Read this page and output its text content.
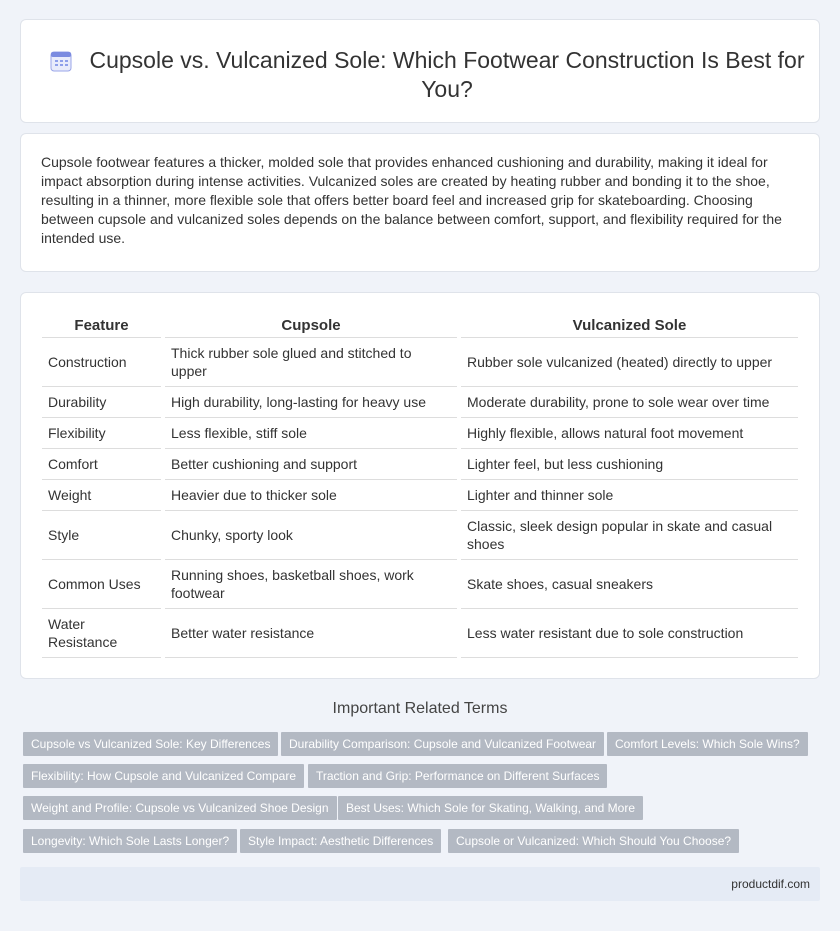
Cupsole vs. Vulcanized Sole: Which Footwear Construction Is Best for You?

Cupsole footwear features a thicker, molded sole that provides enhanced cushioning and durability, making it ideal for impact absorption during intense activities. Vulcanized soles are created by heating rubber and bonding it to the shoe, resulting in a thinner, more flexible sole that offers better board feel and increased grip for skateboarding. Choosing between cupsole and vulcanized soles depends on the balance between comfort, support, and flexibility required for the intended use.

Feature	Cupsole	Vulcanized Sole
Construction	Thick rubber sole glued and stitched to upper	Rubber sole vulcanized (heated) directly to upper
Durability	High durability, long-lasting for heavy use	Moderate durability, prone to sole wear over time
Flexibility	Less flexible, stiff sole	Highly flexible, allows natural foot movement
Comfort	Better cushioning and support	Lighter feel, but less cushioning
Weight	Heavier due to thicker sole	Lighter and thinner sole
Style	Chunky, sporty look	Classic, sleek design popular in skate and casual shoes
Common Uses	Running shoes, basketball shoes, work footwear	Skate shoes, casual sneakers
Water Resistance	Better water resistance	Less water resistant due to sole construction
Important Related Terms
Cupsole vs Vulcanized Sole: Key Differences	Durability Comparison: Cupsole and Vulcanized Footwear	Comfort Levels: Which Sole Wins?
Flexibility: How Cupsole and Vulcanized Compare	Traction and Grip: Performance on Different Surfaces
Weight and Profile: Cupsole vs Vulcanized Shoe Design	Best Uses: Which Sole for Skating, Walking, and More
Longevity: Which Sole Lasts Longer?	Style Impact: Aesthetic Differences	Cupsole or Vulcanized: Which Should You Choose?
productdif.com
